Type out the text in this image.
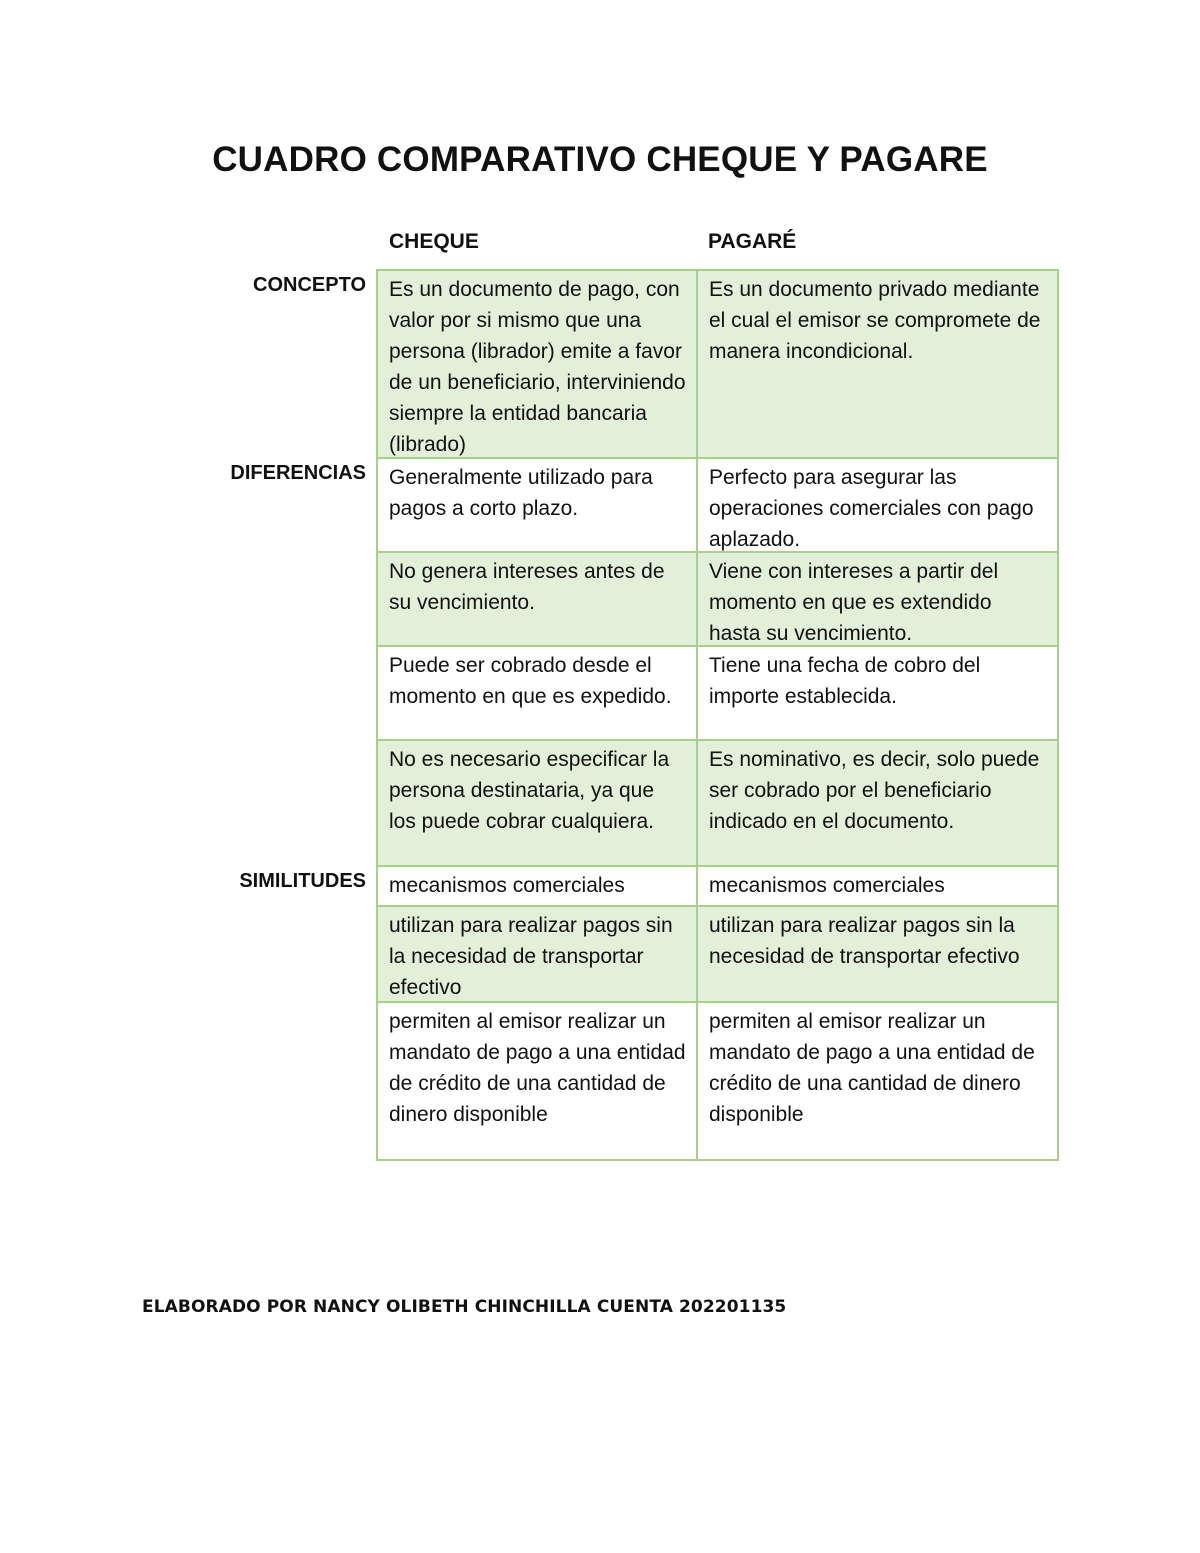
CUADRO COMPARATIVO CHEQUE Y PAGARE
CHEQUE	PAGARÉ
CONCEPTO
DIFERENCIAS
SIMILITUDES
Es un documento de pago, con valor por si mismo que una persona (librador) emite a favor de un beneficiario, interviniendo siempre la entidad bancaria (librado)
Es un documento privado mediante el cual el emisor se compromete de manera incondicional.
Generalmente utilizado para pagos a corto plazo.
Perfecto para asegurar las operaciones comerciales con pago aplazado.
No genera intereses antes de su vencimiento.
Viene con intereses a partir del momento en que es extendido hasta su vencimiento.
Puede ser cobrado desde el momento en que es expedido.
Tiene una fecha de cobro del importe establecida.
No es necesario especificar la persona destinataria, ya que los puede cobrar cualquiera.
Es nominativo, es decir, solo puede ser cobrado por el beneficiario indicado en el documento.
mecanismos comerciales	mecanismos comerciales
utilizan para realizar pagos sin la necesidad de transportar efectivo
utilizan para realizar pagos sin la necesidad de transportar efectivo
permiten al emisor realizar un mandato de pago a una entidad de crédito de una cantidad de dinero disponible
permiten al emisor realizar un mandato de pago a una entidad de crédito de una cantidad de dinero disponible
ELABORADO POR NANCY OLIBETH CHINCHILLA CUENTA 202201135
